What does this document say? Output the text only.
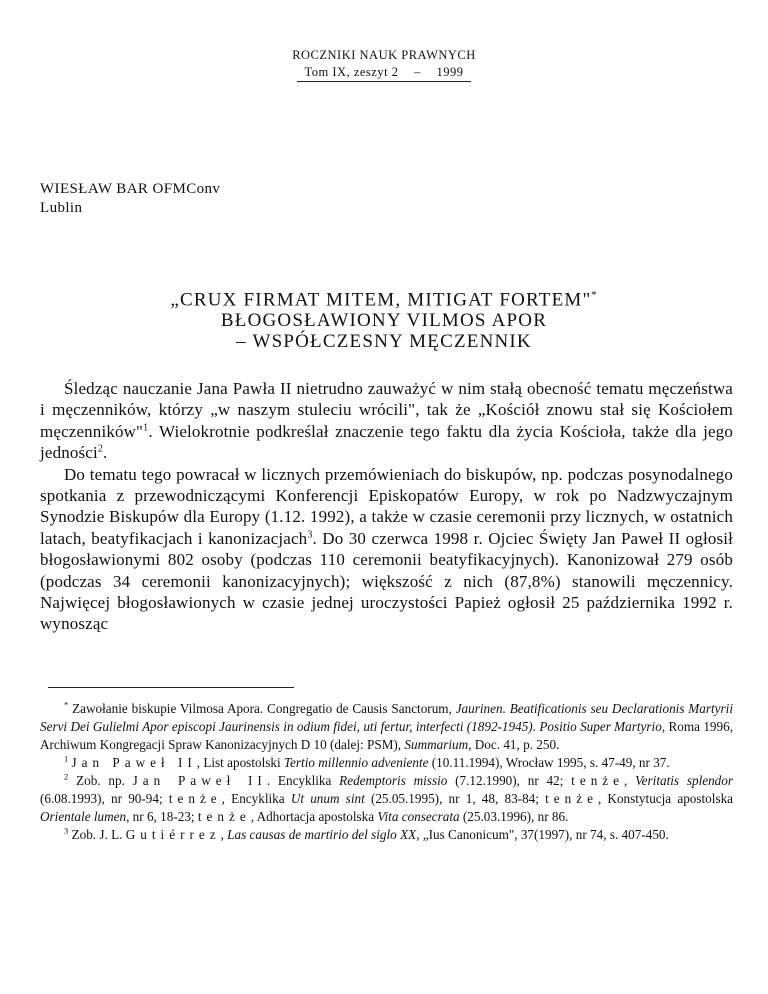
ROCZNIKI NAUK PRAWNYCH
Tom IX, zeszyt 2 – 1999
WIESŁAW BAR OFMConv
Lublin
„CRUX FIRMAT MITEM, MITIGAT FORTEM"*
BŁOGOSŁAWIONY VILMOS APOR
– WSPÓŁCZESNY MĘCZENNIK

Śledząc nauczanie Jana Pawła II nietrudno zauważyć w nim stałą obecność tematu męczeństwa i męczenników, którzy „w naszym stuleciu wrócili", tak że „Kościół znowu stał się Kościołem męczenników"$^1$. Wielokrotnie podkreślał znaczenie tego faktu dla życia Kościoła, także dla jego jedności$^2$.

Do tematu tego powracał w licznych przemówieniach do biskupów, np. podczas posynodalnego spotkania z przewodniczącymi Konferencji Episkopatów Europy, w rok po Nadzwyczajnym Synodzie Biskupów dla Europy (1.12. 1992), a także w czasie ceremonii przy licznych, w ostatnich latach, beatyfikacjach i kanonizacjach$^3$. Do 30 czerwca 1998 r. Ojciec Święty Jan Paweł II ogłosił błogosławionymi 802 osoby (podczas 110 ceremonii beatyfikacyjnych). Kanonizował 279 osób (podczas 34 ceremonii kanonizacyjnych); większość z nich (87,8%) stanowili męczennicy. Najwięcej błogosławionych w czasie jednej uroczystości Papież ogłosił 25 października 1992 r. wynosząc

* Zawołanie biskupie Vilmosa Apora. Congregatio de Causis Sanctorum, Jaurinen. Beatificationis seu Declarationis Martyrii Servi Dei Gulielmi Apor episcopi Jaurinensis in odium fidei, uti fertur, interfecti (1892-1945). Positio Super Martyrio, Roma 1996, Archiwum Kongregacji Spraw Kanonizacyjnych D 10 (dalej: PSM), Summarium, Doc. 41, p. 250.

$^1$ Jan Paweł II, List apostolski Tertio millennio adveniente (10.11.1994), Wrocław 1995, s. 47-49, nr 37.

$^2$ Zob. np. Jan Paweł II. Encyklika Redemptoris missio (7.12.1990), nr 42; tenże, Veritatis splendor (6.08.1993), nr 90-94; tenże, Encyklika Ut unum sint (25.05.1995), nr 1, 48, 83-84; tenże, Konstytucja apostolska Orientale lumen, nr 6, 18-23; tenże, Adhortacja apostolska Vita consecrata (25.03.1996), nr 86.

$^3$ Zob. J. L. Gutiérrez, Las causas de martirio del siglo XX, „Ius Canonicum", 37(1997), nr 74, s. 407-450.
